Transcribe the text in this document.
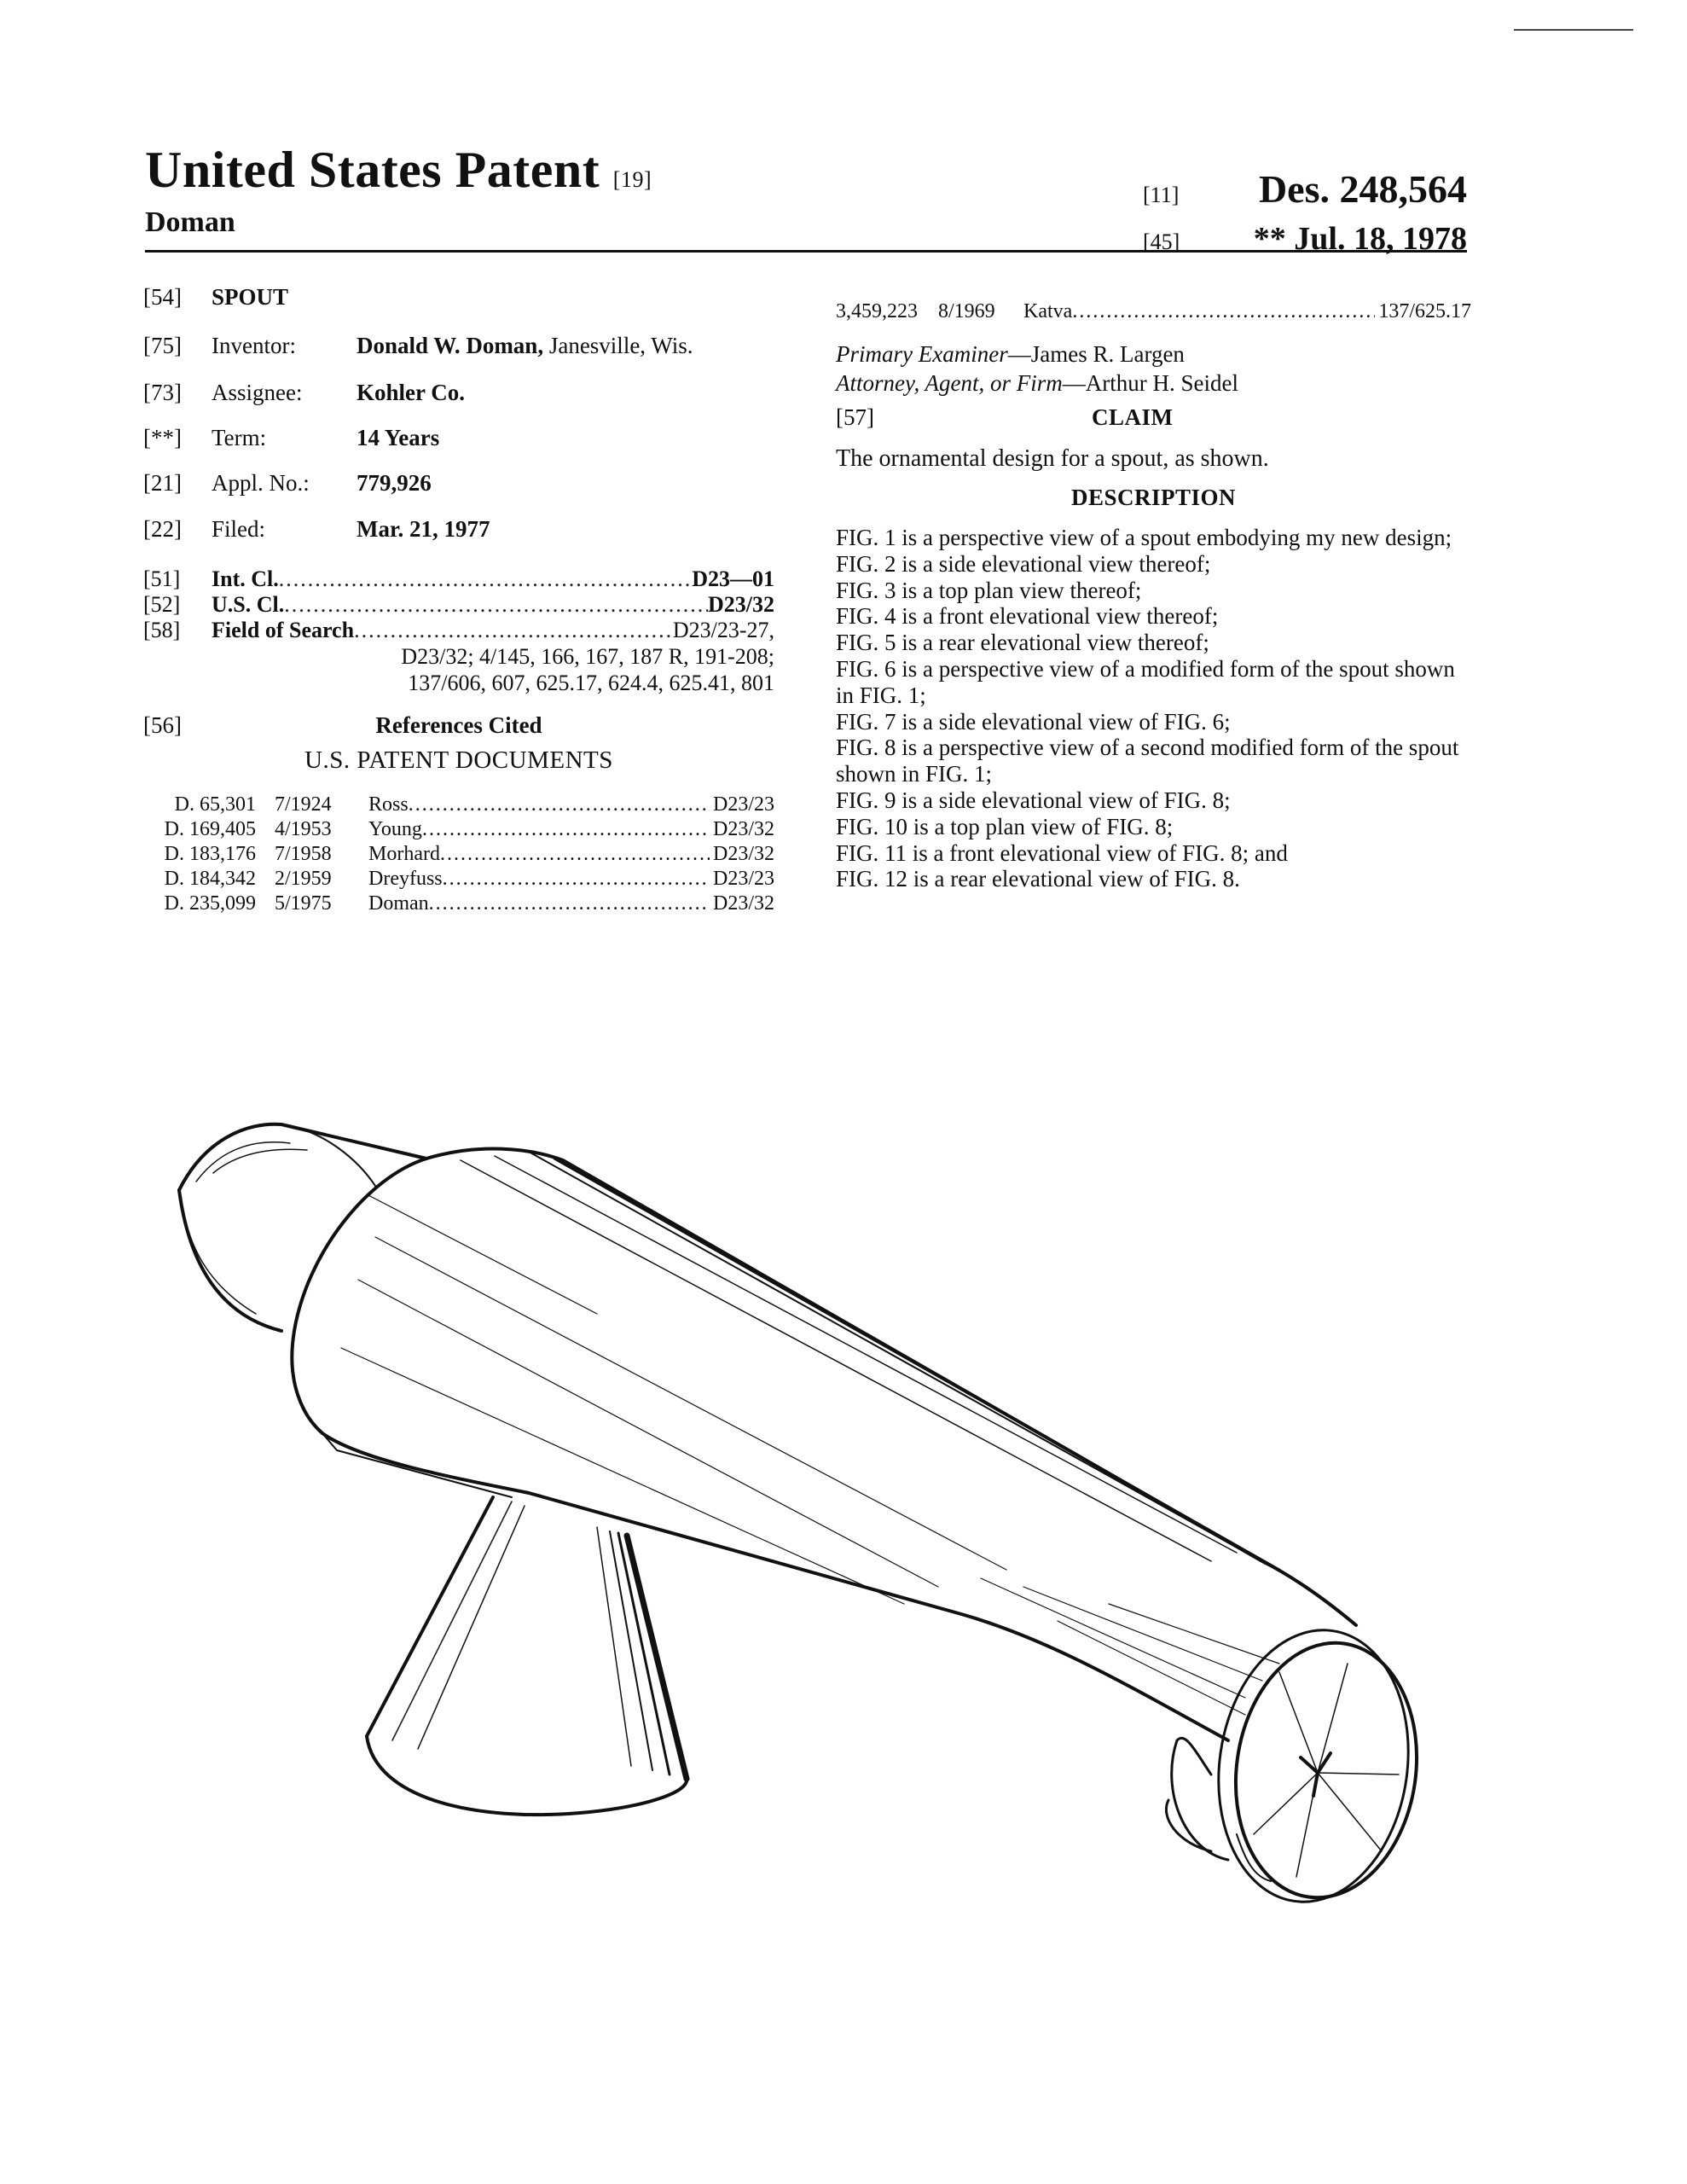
United States Patent [19]
Doman
[11] Des. 248,564
[45] ** Jul. 18, 1978
[54]	SPOUT
[75]	Inventor:	Donald W. Doman, Janesville, Wis.
[73]	Assignee:	Kohler Co.
[**]	Term:	14 Years
[21]	Appl. No.:	779,926
[22]	Filed:	Mar. 21, 1977
[51]	Int. Cl. .....	D23—01
[52]	U.S. Cl. .....	D23/32
[58]	Field of Search .....	D23/23-27,
D23/32; 4/145, 166, 167, 187 R, 191-208;
137/606, 607, 625.17, 624.4, 625.41, 801
[56]	References Cited
U.S. PATENT DOCUMENTS
D. 65,301 7/1924	Ross .....	D23/23
D. 169,405 4/1953	Young .....	D23/32
D. 183,176 7/1958	Morhard .....	D23/32
D. 184,342 2/1959	Dreyfuss .....	D23/23
D. 235,099 5/1975	Doman .....	D23/32
3,459,223	8/1969	Katva .....	137/625.17
Primary Examiner—James R. Largen
Attorney, Agent, or Firm—Arthur H. Seidel
[57]	CLAIM
The ornamental design for a spout, as shown.
DESCRIPTION
FIG. 1 is a perspective view of a spout embodying my new design;
FIG. 2 is a side elevational view thereof;
FIG. 3 is a top plan view thereof;
FIG. 4 is a front elevational view thereof;
FIG. 5 is a rear elevational view thereof;
FIG. 6 is a perspective view of a modified form of the spout shown in FIG. 1;
FIG. 7 is a side elevational view of FIG. 6;
FIG. 8 is a perspective view of a second modified form of the spout shown in FIG. 1;
FIG. 9 is a side elevational view of FIG. 8;
FIG. 10 is a top plan view of FIG. 8;
FIG. 11 is a front elevational view of FIG. 8; and
FIG. 12 is a rear elevational view of FIG. 8.
